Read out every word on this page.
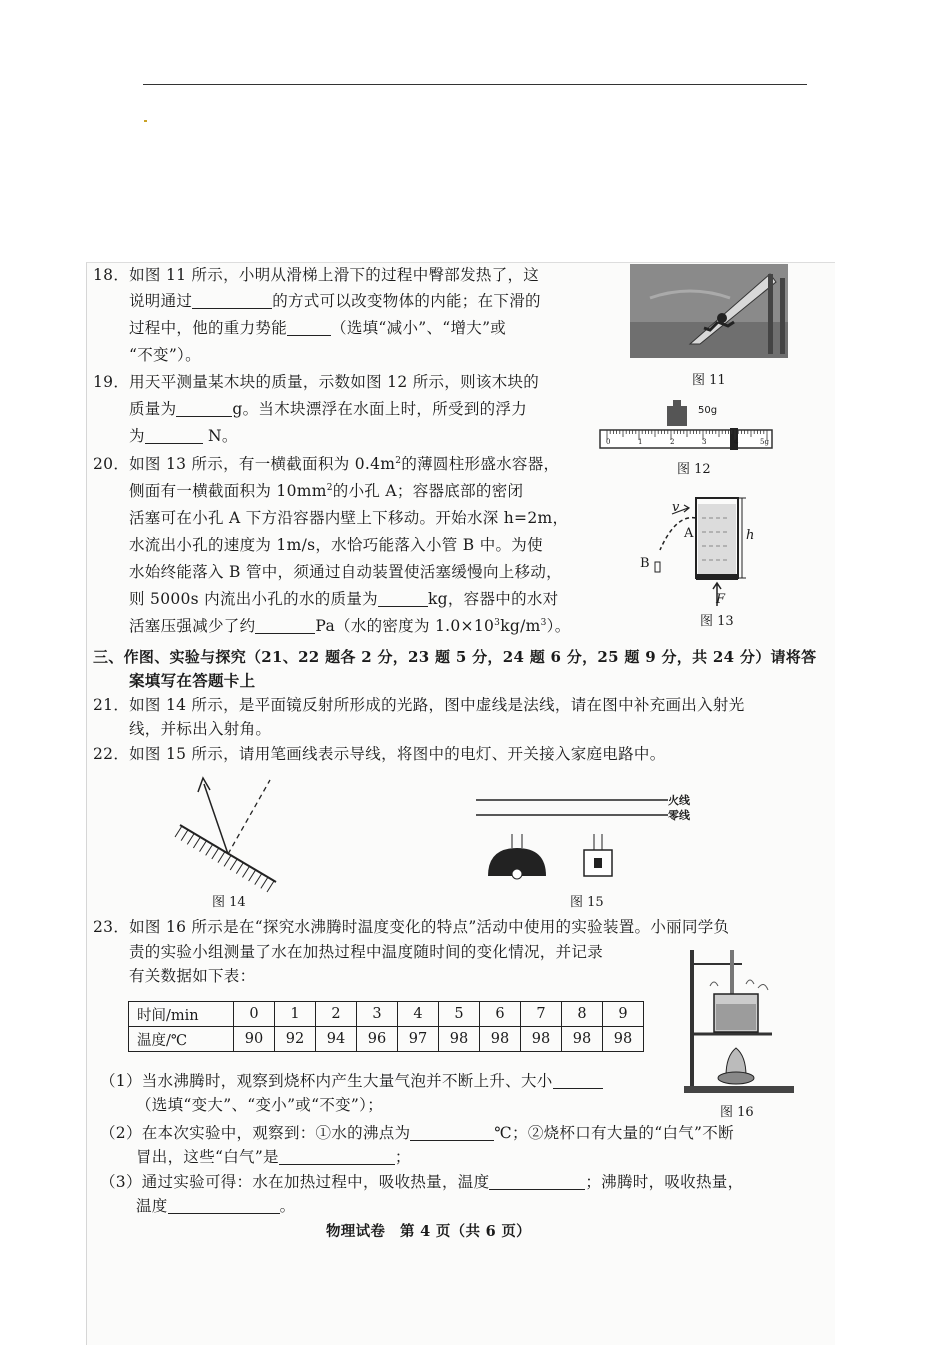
18．如图 11 所示，小明从滑梯上滑下的过程中臀部发热了，这
说明通过	的方式可以改变物体的内能；在下滑的
过程中，他的重力势能	（选填“减小”、“增大”或
“不变”）。
19．用天平测量某木块的质量，示数如图 12 所示，则该木块的
质量为	g。当木块漂浮在水面上时，所受到的浮力
为	N。
20．如图 13 所示，有一横截面积为 $0.4m^2$的薄圆柱形盛水容器，
侧面有一横截面积为 $10mm^2$的小孔 A；容器底部的密闭
活塞可在小孔 A 下方沿容器内壁上下移动。开始水深 h=2m，
水流出小孔的速度为 1m/s，水恰巧能落入小管 B 中。为使
水始终能落入 B 管中，须通过自动装置使活塞缓慢向上移动，
则 5000s 内流出小孔的水的质量为	kg，容器中的水对
活塞压强减少了约	Pa（水的密度为 $1.0\times 10^3kg/m^3$）。
三、作图、实验与探究（21、22 题各 2 分，23 题 5 分，24 题 6 分，25 题 9 分，共 24 分）请将答
案填写在答题卡上
21．如图 14 所示，是平面镜反射所形成的光路，图中虚线是法线，请在图中补充画出入射光
线，并标出入射角。
22．如图 15 所示，请用笔画线表示导线，将图中的电灯、开关接入家庭电路中。
23．如图 16 所示是在“探究水沸腾时温度变化的特点”活动中使用的实验装置。小丽同学负
责的实验小组测量了水在加热过程中温度随时间的变化情况，并记录
有关数据如下表：
时间/min	0	1	2	3	4	5	6	7	8	9
温度/℃	90	92	94	96	97	98	98	98	98	98
（1）当水沸腾时，观察到烧杯内产生大量气泡并不断上升、大小
（选填“变大”、“变小”或“不变”）；
（2）在本次实验中，观察到：①水的沸点为	℃；②烧杯口有大量的“白气”不断
冒出，这些“白气”是	；
（3）通过实验可得：水在加热过程中，吸收热量，温度	；沸腾时，吸收热量，
温度	。
物理试卷　第 4 页（共 6 页）
图 11
50g
0	1	2	3	4	5g
图 12
v
A
B
h
F
图 13
图 14
火线
零线
图 15
图 16
